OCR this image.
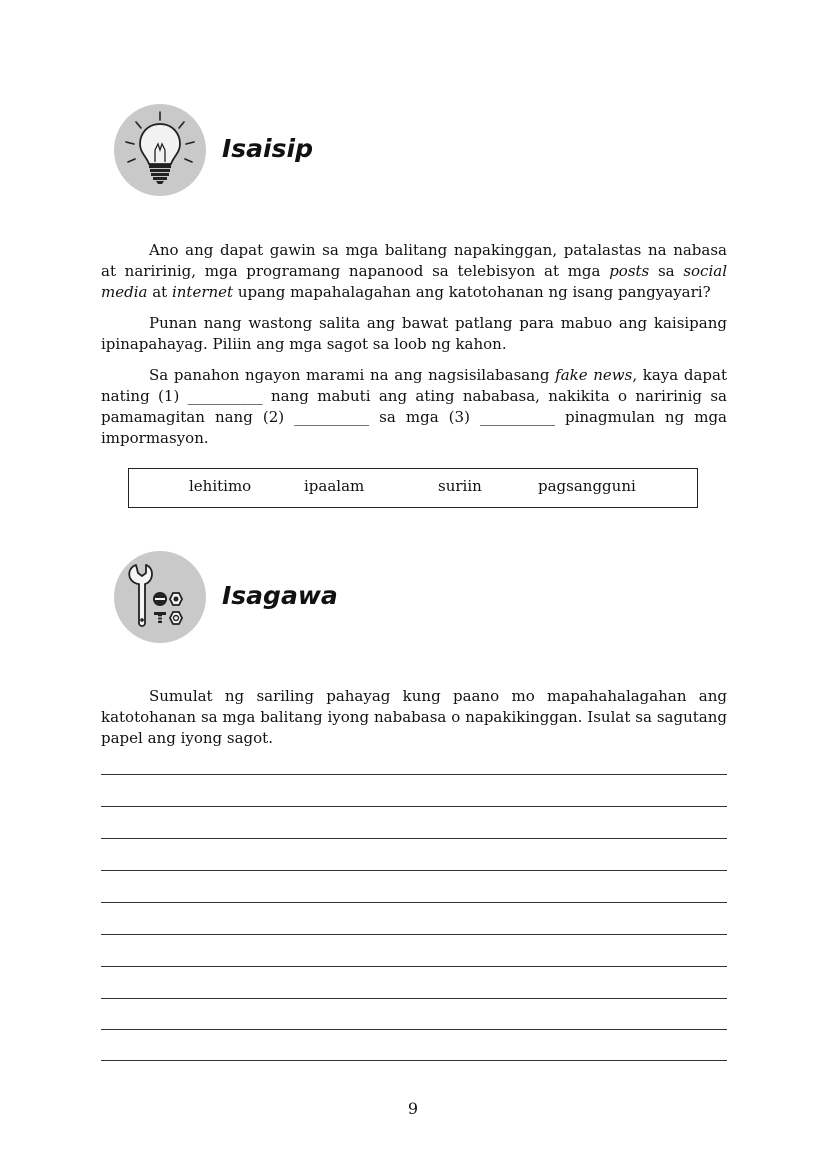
Isaisip

Ano ang dapat gawin sa mga balitang napakinggan, patalastas na nabasa at naririnig, mga programang napanood sa telebisyon at mga posts sa social media at internet upang mapahalagahan ang katotohanan ng isang pangyayari?

Punan nang wastong salita ang bawat patlang para mabuo ang kaisipang ipinapahayag. Piliin ang mga sagot sa loob ng kahon.

Sa panahon ngayon marami na ang nagsisilabasang fake news, kaya dapat nating (1) __________ nang mabuti ang ating nababasa, nakikita o naririnig sa pamamagitan nang (2) __________ sa mga (3) __________ pinagmulan ng mga impormasyon.

lehitimo	ipaalam	suriin	pagsangguni
Isagawa

Sumulat ng sariling pahayag kung paano mo mapahahalagahan ang katotohanan sa mga balitang iyong nababasa o napakikinggan. Isulat sa sagutang papel ang iyong sagot.

9
